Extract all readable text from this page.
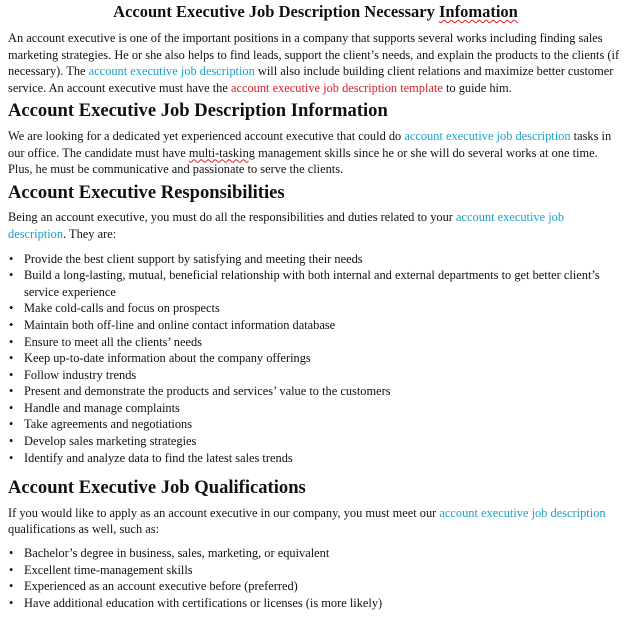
Account Executive Job Description Necessary Infomation

An account executive is one of the important positions in a company that supports several works including finding sales marketing strategies. He or she also helps to find leads, support the client’s needs, and explain the products to the clients (if necessary). The account executive job description will also include building client relations and maximize better customer service. An account executive must have the account executive job description template to guide him.

Account Executive Job Description Information

We are looking for a dedicated yet experienced account executive that could do account executive job description tasks in our office. The candidate must have multi-tasking management skills since he or she will do several works at one time. Plus, he must be communicative and passionate to serve the clients.

Account Executive Responsibilities

Being an account executive, you must do all the responsibilities and duties related to your account executive job description. They are:

• Provide the best client support by satisfying and meeting their needs
• Build a long-lasting, mutual, beneficial relationship with both internal and external departments to get better client’s service experience
• Make cold-calls and focus on prospects
• Maintain both off-line and online contact information database
• Ensure to meet all the clients’ needs
• Keep up-to-date information about the company offerings
• Follow industry trends
• Present and demonstrate the products and services’ value to the customers
• Handle and manage complaints
• Take agreements and negotiations
• Develop sales marketing strategies
• Identify and analyze data to find the latest sales trends
Account Executive Job Qualifications

If you would like to apply as an account executive in our company, you must meet our account executive job description qualifications as well, such as:

• Bachelor’s degree in business, sales, marketing, or equivalent
• Excellent time-management skills
• Experienced as an account executive before (preferred)
• Have additional education with certifications or licenses (is more likely)
